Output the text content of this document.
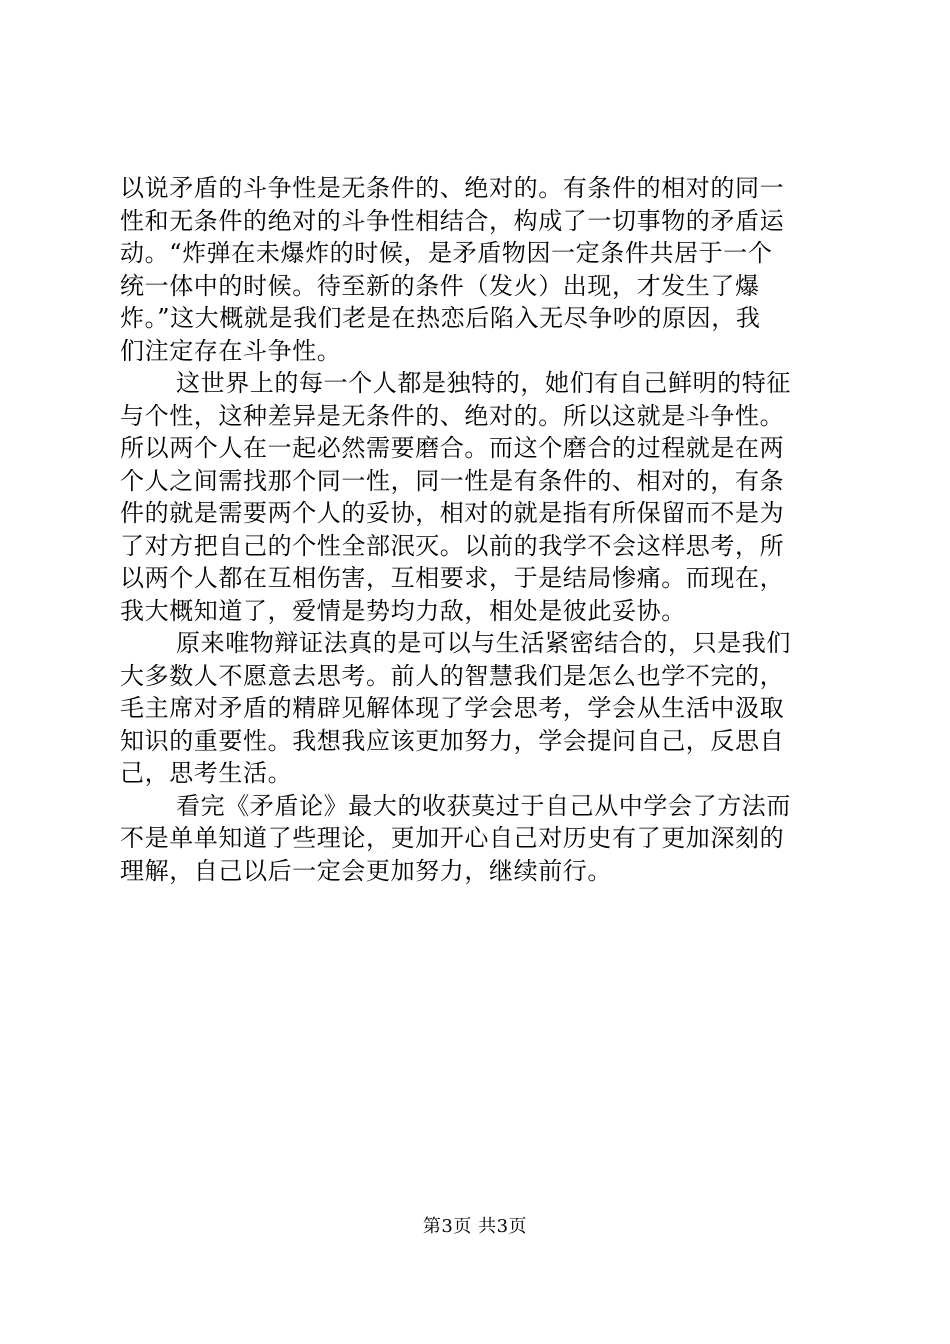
以说矛盾的斗争性是无条件的、绝对的。有条件的相对的同一
性和无条件的绝对的斗争性相结合，构成了一切事物的矛盾运
动。“炸弹在未爆炸的时候，是矛盾物因一定条件共居于一个
统一体中的时候。待至新的条件（发火）出现，才发生了爆
炸。”这大概就是我们老是在热恋后陷入无尽争吵的原因，我
们注定存在斗争性。
这世界上的每一个人都是独特的，她们有自己鲜明的特征
与个性，这种差异是无条件的、绝对的。所以这就是斗争性。
所以两个人在一起必然需要磨合。而这个磨合的过程就是在两
个人之间需找那个同一性，同一性是有条件的、相对的，有条
件的就是需要两个人的妥协，相对的就是指有所保留而不是为
了对方把自己的个性全部泯灭。以前的我学不会这样思考，所
以两个人都在互相伤害，互相要求，于是结局惨痛。而现在，
我大概知道了，爱情是势均力敌，相处是彼此妥协。
原来唯物辩证法真的是可以与生活紧密结合的，只是我们
大多数人不愿意去思考。前人的智慧我们是怎么也学不完的，
毛主席对矛盾的精辟见解体现了学会思考，学会从生活中汲取
知识的重要性。我想我应该更加努力，学会提问自己，反思自
己，思考生活。
看完《矛盾论》最大的收获莫过于自己从中学会了方法而
不是单单知道了些理论，更加开心自己对历史有了更加深刻的
理解，自己以后一定会更加努力，继续前行。
第3页 共3页
